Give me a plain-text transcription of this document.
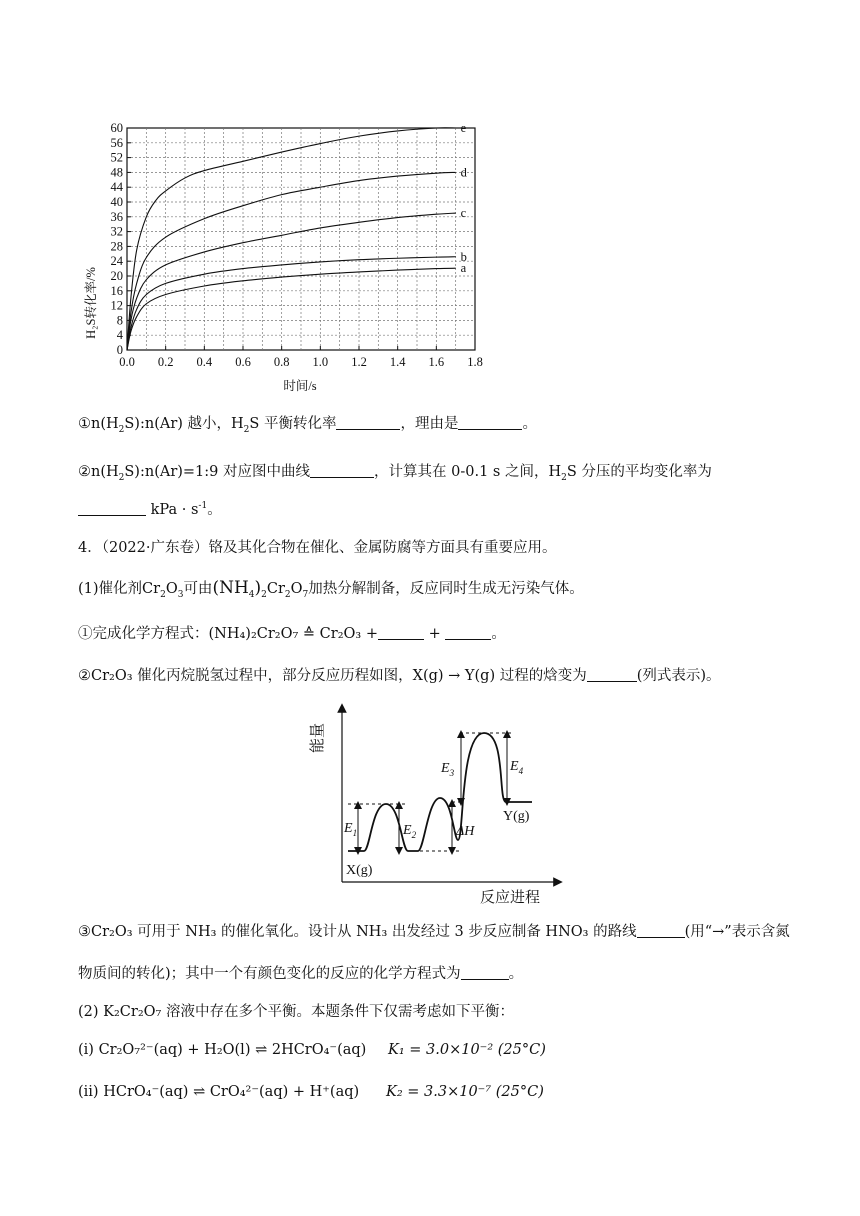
0
4
8
12
16
20
24
28
32
36
40
44
48
52
56
60
0.0 0.2 0.4 0.6 0.8 1.0 1.2 1.4 1.6 1.8
a
b
c
d
e
H₂S转化率/%
时间/s
$①n(H_2S):n(Ar)$ 越小，$H_2S$ 平衡转化率	，理由是	。
$②n(H_2S):n(Ar)=1:9$ 对应图中曲线	，计算其在 0-0.1 s 之间，$H_2S$ 分压的平均变化率为
kPa · $s^{-1}$。
4．（2022·广东卷）铬及其化合物在催化、金属防腐等方面具有重要应用。
(1)催化剂$Cr_2O_3$可由$(NH_4)_2Cr_2O_7$加热分解制备，反应同时生成无污染气体。
①完成化学方程式：(NH₄)₂Cr₂O₇ ≙ Cr₂O₃ +	+	。
②Cr₂O₃ 催化丙烷脱氢过程中，部分反应历程如图，X(g) → Y(g) 过程的焓变为	(列式表示)。
能量
反应进程
$E_1$	$E_2$
$E_3$	$E_4$
ΔH
X(g)
Y(g)
③Cr₂O₃ 可用于 NH₃ 的催化氧化。设计从 NH₃ 出发经过 3 步反应制备 HNO₃ 的路线	(用“→”表示含氮
物质间的转化)；其中一个有颜色变化的反应的化学方程式为	。
(2) K₂Cr₂O₇ 溶液中存在多个平衡。本题条件下仅需考虑如下平衡：
(ⅰ) Cr₂O₇²⁻(aq) + H₂O(l) ⇌ 2HCrO₄⁻(aq) K₁ = 3.0×10⁻² (25°C)
(ⅱ) HCrO₄⁻(aq) ⇌ CrO₄²⁻(aq) + H⁺(aq) K₂ = 3.3×10⁻⁷ (25°C)
